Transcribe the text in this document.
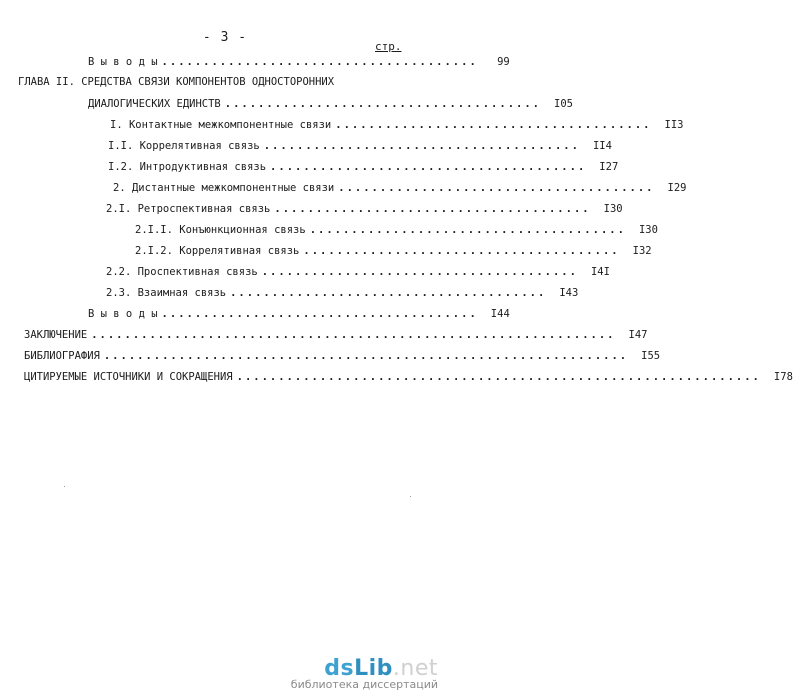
- 3 -
стр.
В ы в о д ы ......................................	99
ГЛАВА II. СРЕДСТВА СВЯЗИ КОМПОНЕНТОВ ОДНОСТОРОННИХ
ДИАЛОГИЧЕСКИХ ЕДИНСТВ ......................................	I05
I. Контактные межкомпонентные связи ......................................	II3
I.I. Коррелятивная связь ......................................	II4
I.2. Интродуктивная связь ......................................	I27
2. Дистантные межкомпонентные связи ......................................	I29
2.I. Ретроспективная связь ......................................	I30
2.I.I. Конъюнкционная связь ......................................	I30
2.I.2. Коррелятивная связь ......................................	I32
2.2. Проспективная связь ......................................	I4I
2.3. Взаимная связь ......................................	I43
В ы в о д ы ......................................	I44
ЗАКЛЮЧЕНИЕ ...............................................................	I47
БИБЛИОГРАФИЯ ...............................................................	I55
ЦИТИРУЕМЫЕ ИСТОЧНИКИ И СОКРАЩЕНИЯ ...............................................................	I78
dsLib.net
библиотека диссертаций
